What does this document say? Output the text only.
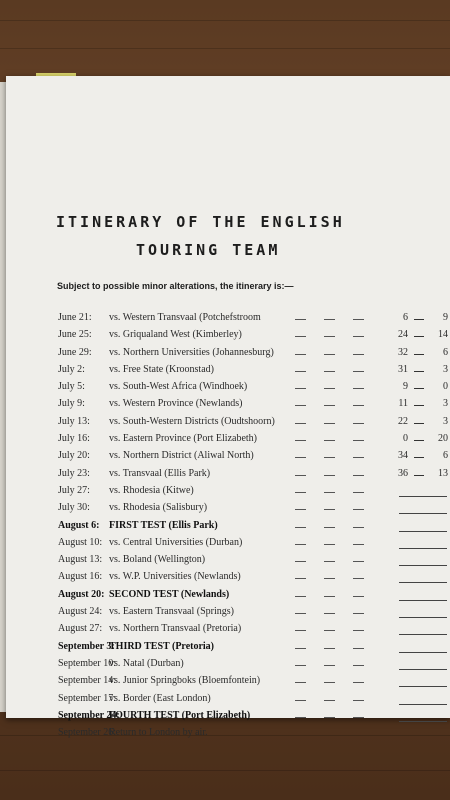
ITINERARY OF THE ENGLISH
TOURING TEAM
Subject to possible minor alterations, the itinerary is:—
June 21:	vs. Western Transvaal (Potchefstroom	6	9
June 25:	vs. Griqualand West (Kimberley)	24	14
June 29:	vs. Northern Universities (Johannesburg)	32	6
July 2:	vs. Free State (Kroonstad)	31	3
July 5:	vs. South-West Africa (Windhoek)	9	0
July 9:	vs. Western Province (Newlands)	11	3
July 13:	vs. South-Western Districts (Oudtshoorn)	22	3
July 16:	vs. Eastern Province (Port Elizabeth)	0	20
July 20:	vs. Northern District (Aliwal North)	34	6
July 23:	vs. Transvaal (Ellis Park)	36	13
July 27:	vs. Rhodesia (Kitwe)
July 30:	vs. Rhodesia (Salisbury)
August 6: FIRST TEST (Ellis Park)
August 10: vs. Central Universities (Durban)
August 13: vs. Boland (Wellington)
August 16: vs. W.P. Universities (Newlands)
August 20: SECOND TEST (Newlands)
August 24: vs. Eastern Transvaal (Springs)
August 27: vs. Northern Transvaal (Pretoria)
September 3:
THIRD TEST (Pretoria)
September 10:
vs. Natal (Durban)
September 14:
vs. Junior Springboks (Bloemfontein)
September 17:
vs. Border (East London)
September 24:
FOURTH TEST (Port Elizabeth)
September 26:
Return to London by air.
